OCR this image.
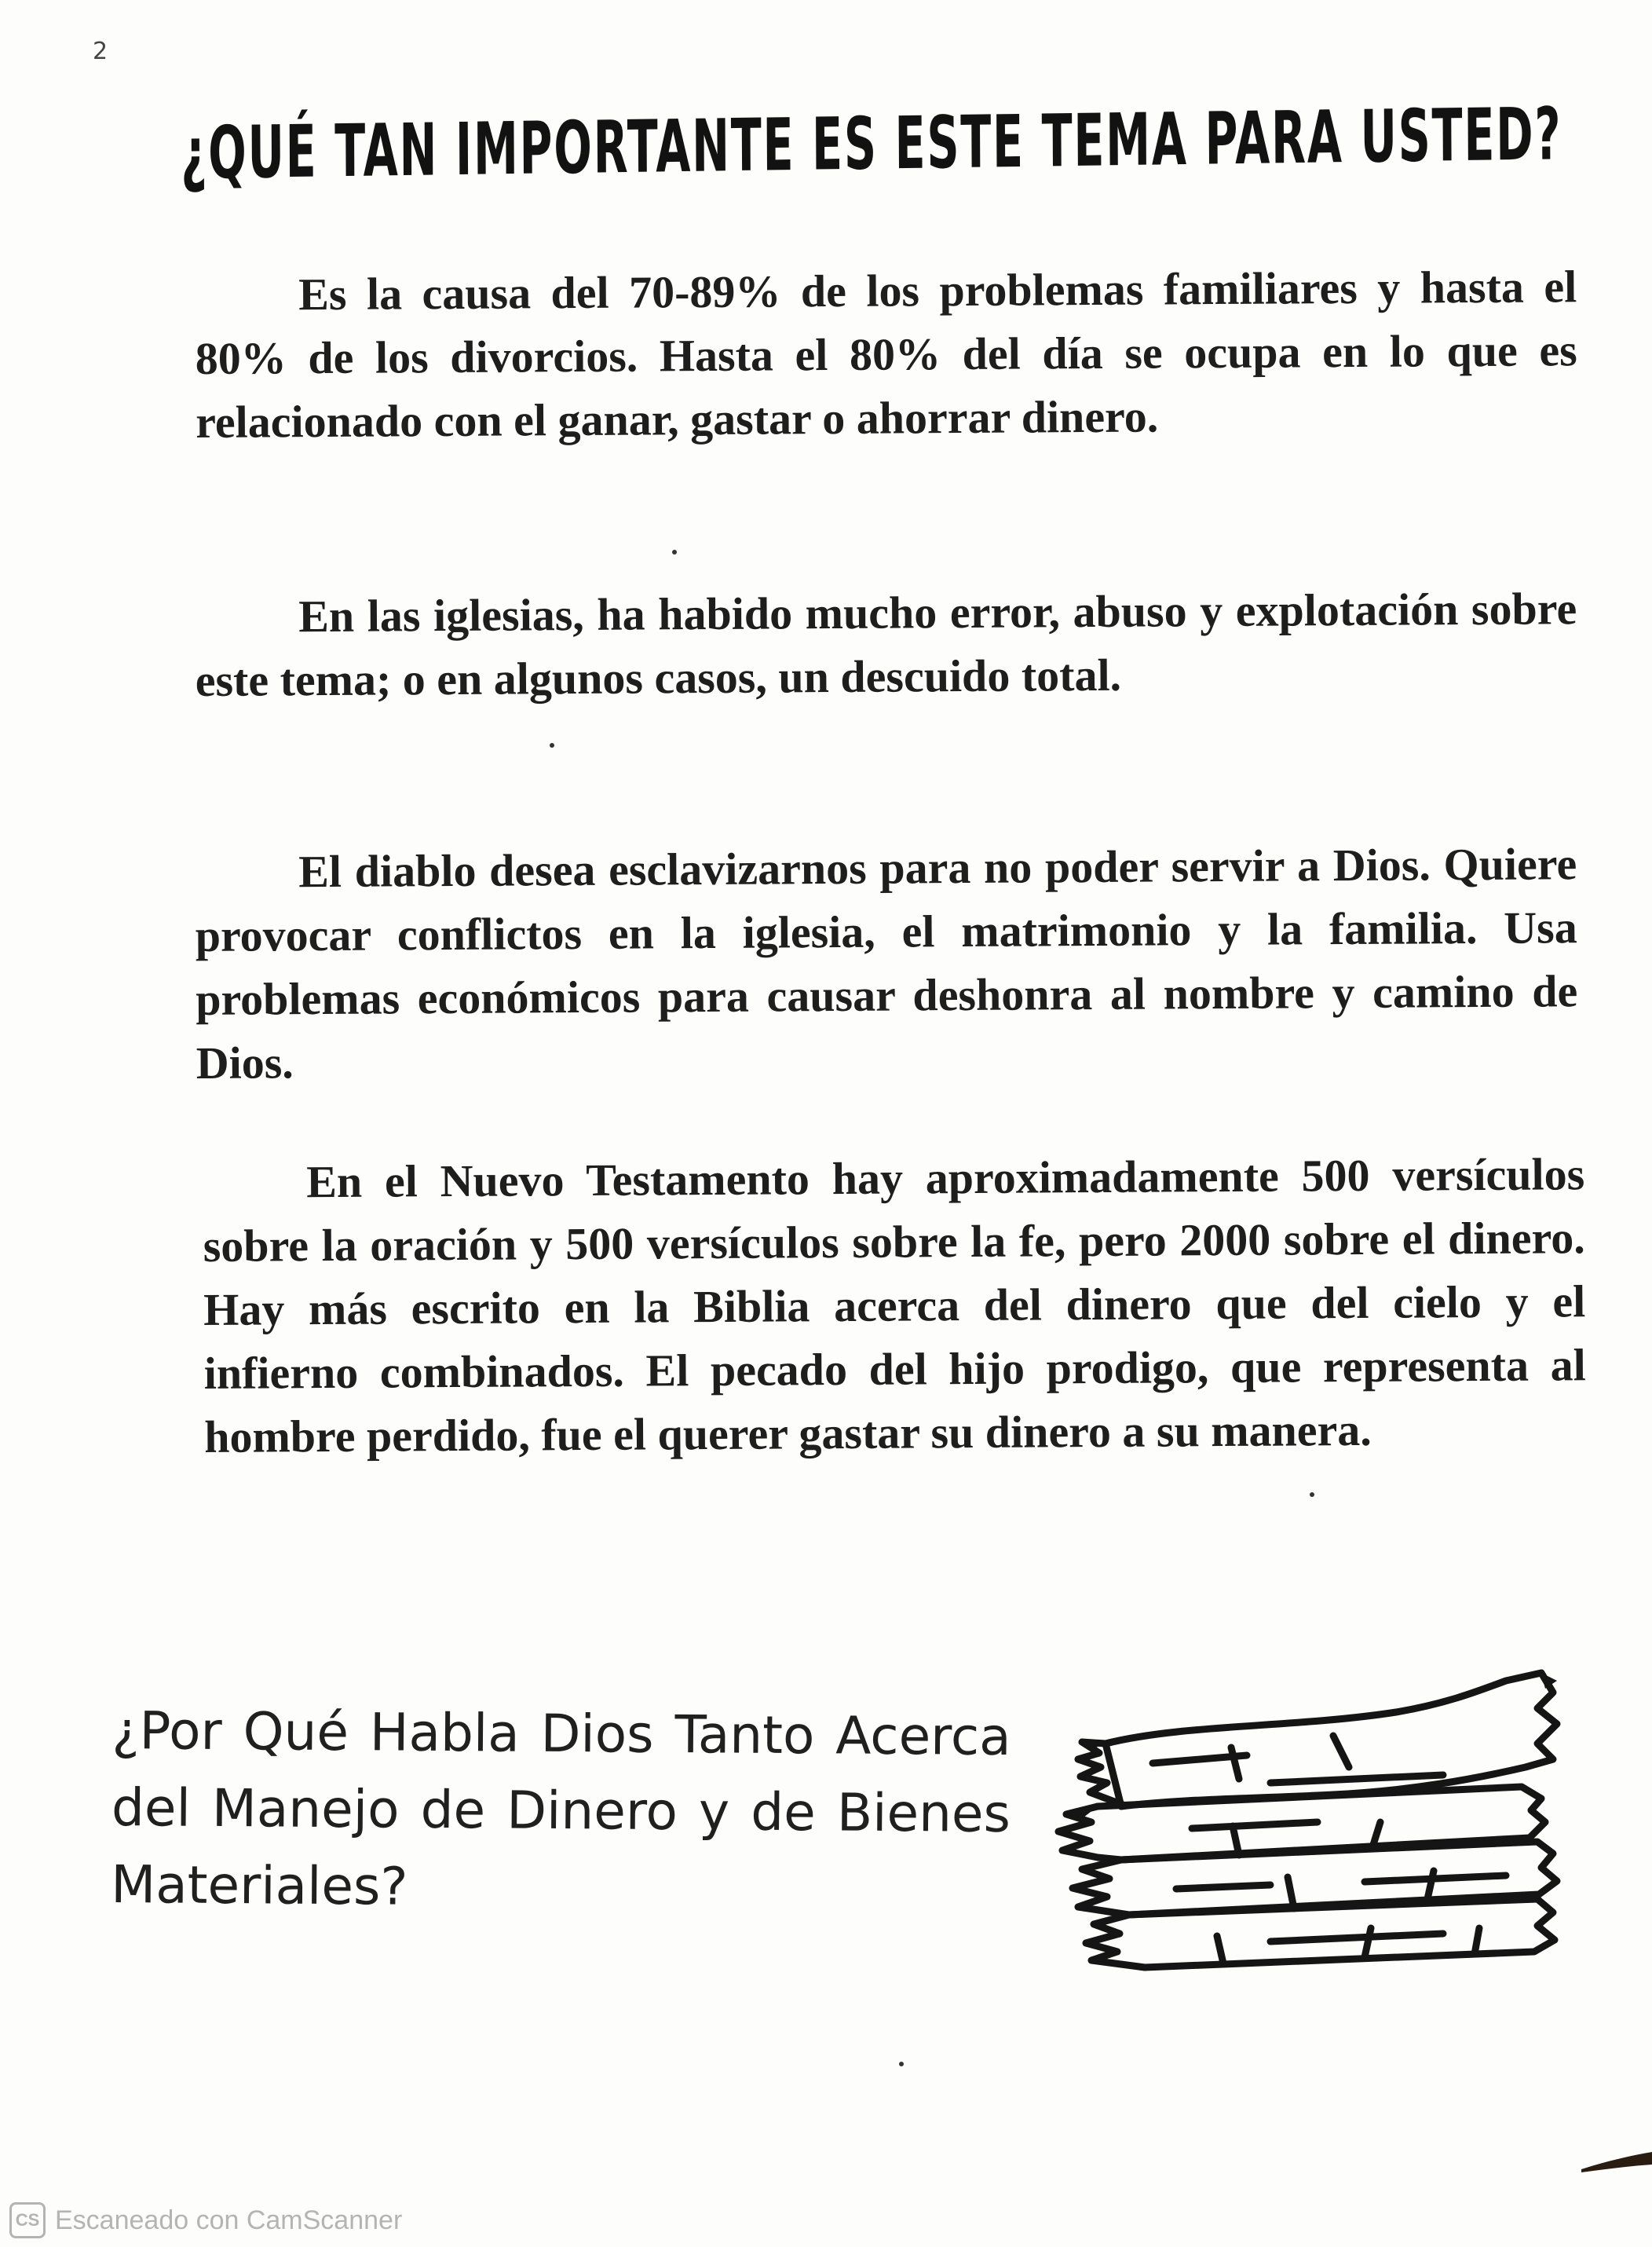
2
¿QUÉ TAN IMPORTANTE ES ESTE TEMA PARA USTED?

Es la causa del 70-89% de los problemas familiares y hasta el 80% de los divorcios. Hasta el 80% del día se ocupa en lo que es relacionado con el ganar, gastar o ahorrar dinero.

En las iglesias, ha habido mucho error, abuso y explotación sobre este tema; o en algunos casos, un descuido total.

El diablo desea esclavizarnos para no poder servir a Dios. Quiere provocar conflictos en la iglesia, el matrimonio y la familia. Usa problemas económicos para causar deshonra al nombre y camino de Dios.

En el Nuevo Testamento hay aproximadamente 500 versículos sobre la oración y 500 versículos sobre la fe, pero 2000 sobre el dinero. Hay más escrito en la Biblia acerca del dinero que del cielo y el infierno combinados. El pecado del hijo prodigo, que representa al hombre perdido, fue el querer gastar su dinero a su manera.

¿Por Qué Habla Dios Tanto Acerca del Manejo de Dinero y de Bienes Materiales?
CS Escaneado con CamScanner
